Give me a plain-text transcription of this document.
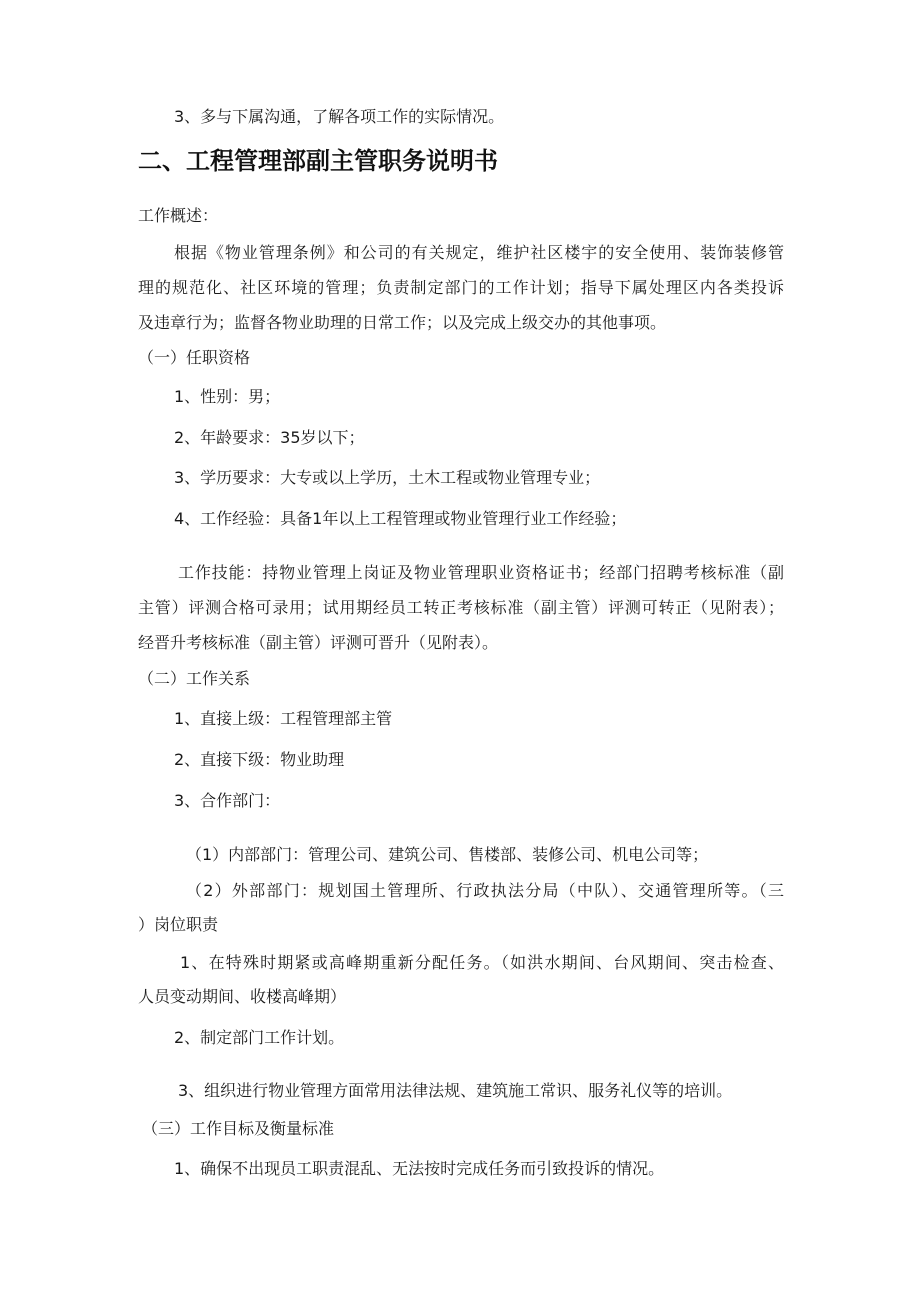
3、多与下属沟通，了解各项工作的实际情况。

二、工程管理部副主管职务说明书

工作概述：

根据《物业管理条例》和公司的有关规定，维护社区楼宇的安全使用、装饰装修管

理的规范化、社区环境的管理；负责制定部门的工作计划；指导下属处理区内各类投诉

及违章行为；监督各物业助理的日常工作；以及完成上级交办的其他事项。

（一）任职资格

1、性别：男；

2、年龄要求：35岁以下；

3、学历要求：大专或以上学历，土木工程或物业管理专业；

4、工作经验：具备1年以上工程管理或物业管理行业工作经验；

工作技能：持物业管理上岗证及物业管理职业资格证书；经部门招聘考核标准（副

主管）评测合格可录用；试用期经员工转正考核标准（副主管）评测可转正（见附表）；

经晋升考核标准（副主管）评测可晋升（见附表）。

（二）工作关系

1、直接上级：工程管理部主管

2、直接下级：物业助理

3、合作部门：

（1）内部部门：管理公司、建筑公司、售楼部、装修公司、机电公司等；

（2）外部部门：规划国土管理所、行政执法分局（中队）、交通管理所等。（三

）岗位职责

1、在特殊时期紧或高峰期重新分配任务。（如洪水期间、台风期间、突击检查、

人员变动期间、收楼高峰期）

2、制定部门工作计划。

3、组织进行物业管理方面常用法律法规、建筑施工常识、服务礼仪等的培训。

（三）工作目标及衡量标准

1、确保不出现员工职责混乱、无法按时完成任务而引致投诉的情况。
